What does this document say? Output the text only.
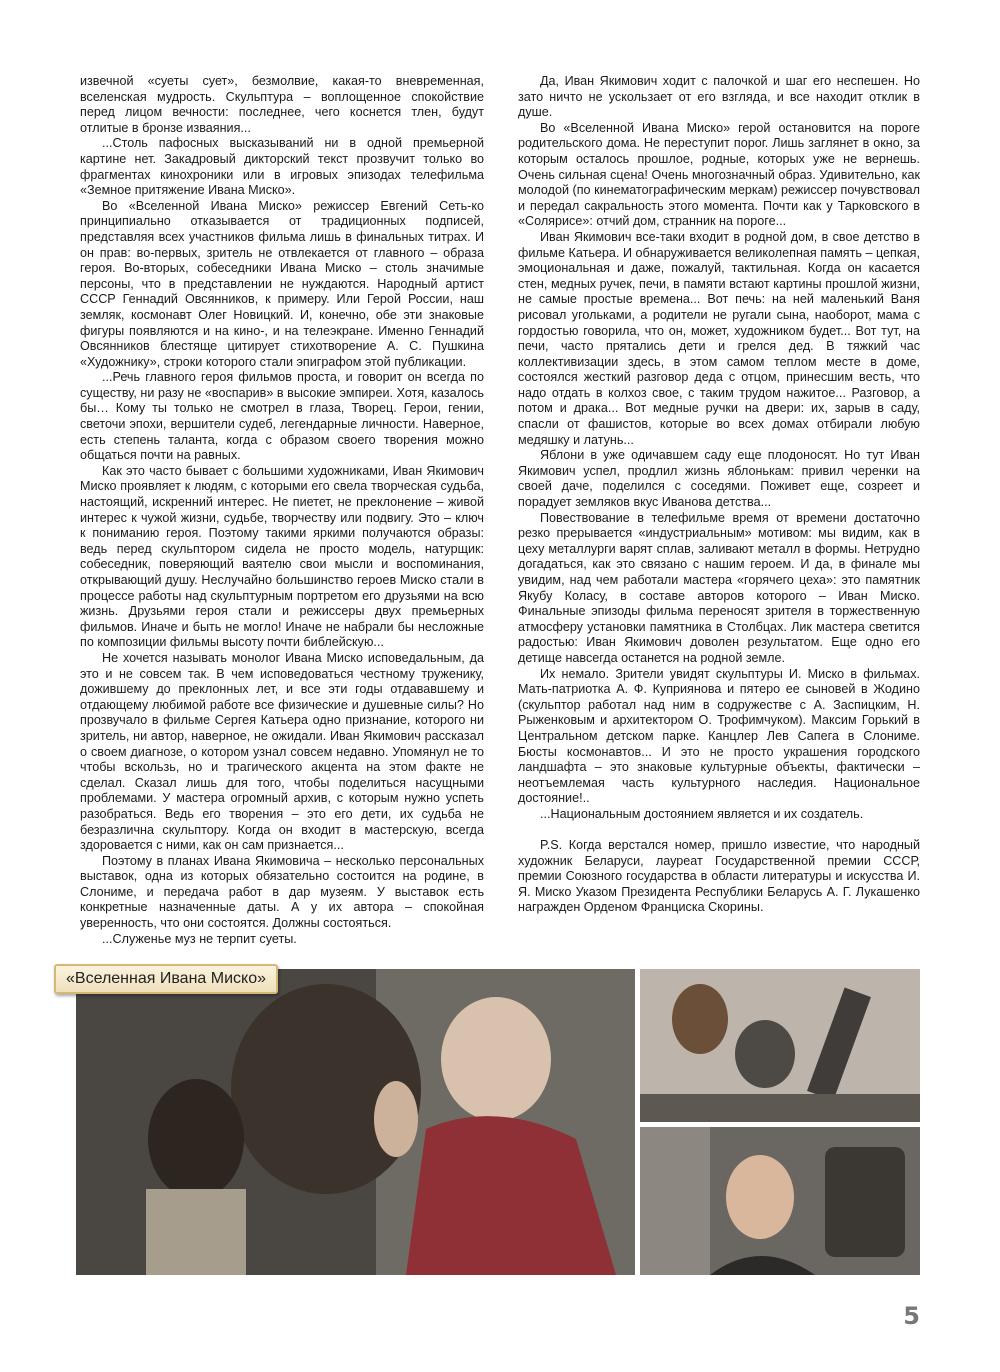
извечной «суеты сует», безмолвие, какая-то вневременная, вселенская мудрость. Скульптура – воплощенное спокойствие перед лицом вечности: последнее, чего коснется тлен, будут отлитые в бронзе изваяния...

...Столь пафосных высказываний ни в одной премьерной картине нет. Закадровый дикторский текст прозвучит только во фрагментах кинохроники или в игровых эпизодах телефильма «Земное притяжение Ивана Миско».

Во «Вселенной Ивана Миско» режиссер Евгений Сеть-ко принципиально отказывается от традиционных подписей, представляя всех участников фильма лишь в финальных титрах. И он прав: во-первых, зритель не отвлекается от главного – образа героя. Во-вторых, собеседники Ивана Миско – столь значимые персоны, что в представлении не нуждаются. Народный артист СССР Геннадий Овсянников, к примеру. Или Герой России, наш земляк, космонавт Олег Новицкий. И, конечно, обе эти знаковые фигуры появляются и на кино-, и на телеэкране. Именно Геннадий Овсянников блестяще цитирует стихотворение А. С. Пушкина «Художнику», строки которого стали эпиграфом этой публикации.

...Речь главного героя фильмов проста, и говорит он всегда по существу, ни разу не «воспарив» в высокие эмпиреи. Хотя, казалось бы… Кому ты только не смотрел в глаза, Творец. Герои, гении, светочи эпохи, вершители судеб, легендарные личности. Наверное, есть степень таланта, когда с образом своего творения можно общаться почти на равных.

Как это часто бывает с большими художниками, Иван Якимович Миско проявляет к людям, с которыми его свела творческая судьба, настоящий, искренний интерес. Не пиетет, не преклонение – живой интерес к чужой жизни, судьбе, творчеству или подвигу. Это – ключ к пониманию героя. Поэтому такими яркими получаются образы: ведь перед скульптором сидела не просто модель, натурщик: собеседник, поверяющий ваятелю свои мысли и воспоминания, открывающий душу. Неслучайно большинство героев Миско стали в процессе работы над скульптурным портретом его друзьями на всю жизнь. Друзьями героя стали и режиссеры двух премьерных фильмов. Иначе и быть не могло! Иначе не набрали бы несложные по композиции фильмы высоту почти библейскую...

Не хочется называть монолог Ивана Миско исповедальным, да это и не совсем так. В чем исповедоваться честному труженику, дожившему до преклонных лет, и все эти годы отдававшему и отдающему любимой работе все физические и душевные силы? Но прозвучало в фильме Сергея Катьера одно признание, которого ни зритель, ни автор, наверное, не ожидали. Иван Якимович рассказал о своем диагнозе, о котором узнал совсем недавно. Упомянул не то чтобы вскользь, но и трагического акцента на этом факте не сделал. Сказал лишь для того, чтобы поделиться насущными проблемами. У мастера огромный архив, с которым нужно успеть разобраться. Ведь его творения – это его дети, их судьба не безразлична скульптору. Когда он входит в мастерскую, всегда здоровается с ними, как он сам признается...

Поэтому в планах Ивана Якимовича – несколько персональных выставок, одна из которых обязательно состоится на родине, в Слониме, и передача работ в дар музеям. У выставок есть конкретные назначенные даты. А у их автора – спокойная уверенность, что они состоятся. Должны состояться.

...Служенье муз не терпит суеты.

Да, Иван Якимович ходит с палочкой и шаг его неспешен. Но зато ничто не ускользает от его взгляда, и все находит отклик в душе.

Во «Вселенной Ивана Миско» герой остановится на пороге родительского дома. Не переступит порог. Лишь заглянет в окно, за которым осталось прошлое, родные, которых уже не вернешь. Очень сильная сцена! Очень многозначный образ. Удивительно, как молодой (по кинематографическим меркам) режиссер почувствовал и передал сакральность этого момента. Почти как у Тарковского в «Солярисе»: отчий дом, странник на пороге...

Иван Якимович все-таки входит в родной дом, в свое детство в фильме Катьера. И обнаруживается великолепная память – цепкая, эмоциональная и даже, пожалуй, тактильная. Когда он касается стен, медных ручек, печи, в памяти встают картины прошлой жизни, не самые простые времена... Вот печь: на ней маленький Ваня рисовал угольками, а родители не ругали сына, наоборот, мама с гордостью говорила, что он, может, художником будет... Вот тут, на печи, часто прятались дети и грелся дед. В тяжкий час коллективизации здесь, в этом самом теплом месте в доме, состоялся жесткий разговор деда с отцом, принесшим весть, что надо отдать в колхоз свое, с таким трудом нажитое... Разговор, а потом и драка... Вот медные ручки на двери: их, зарыв в саду, спасли от фашистов, которые во всех домах отбирали любую медяшку и латунь...

Яблони в уже одичавшем саду еще плодоносят. Но тут Иван Якимович успел, продлил жизнь яблонькам: привил черенки на своей даче, поделился с соседями. Поживет еще, созреет и порадует земляков вкус Иванова детства...

Повествование в телефильме время от времени достаточно резко прерывается «индустриальным» мотивом: мы видим, как в цеху металлурги варят сплав, заливают металл в формы. Нетрудно догадаться, как это связано с нашим героем. И да, в финале мы увидим, над чем работали мастера «горячего цеха»: это памятник Якубу Коласу, в составе авторов которого – Иван Миско. Финальные эпизоды фильма переносят зрителя в торжественную атмосферу установки памятника в Столбцах. Лик мастера светится радостью: Иван Якимович доволен результатом. Еще одно его детище навсегда останется на родной земле.

Их немало. Зрители увидят скульптуры И. Миско в фильмах. Мать-патриотка А. Ф. Куприянова и пятеро ее сыновей в Жодино (скульптор работал над ним в содружестве с А. Заспицким, Н. Рыженковым и архитектором О. Трофимчуком). Максим Горький в Центральном детском парке. Канцлер Лев Сапега в Слониме. Бюсты космонавтов... И это не просто украшения городского ландшафта – это знаковые культурные объекты, фактически – неотъемлемая часть культурного наследия. Национальное достояние!..

...Национальным достоянием является и их создатель.

P.S. Когда верстался номер, пришло известие, что народный художник Беларуси, лауреат Государственной премии СССР, премии Союзного государства в области литературы и искусства И. Я. Миско Указом Президента Республики Беларусь А. Г. Лукашенко награжден Орденом Франциска Скорины.

«Вселенная Ивана Миско»
5
